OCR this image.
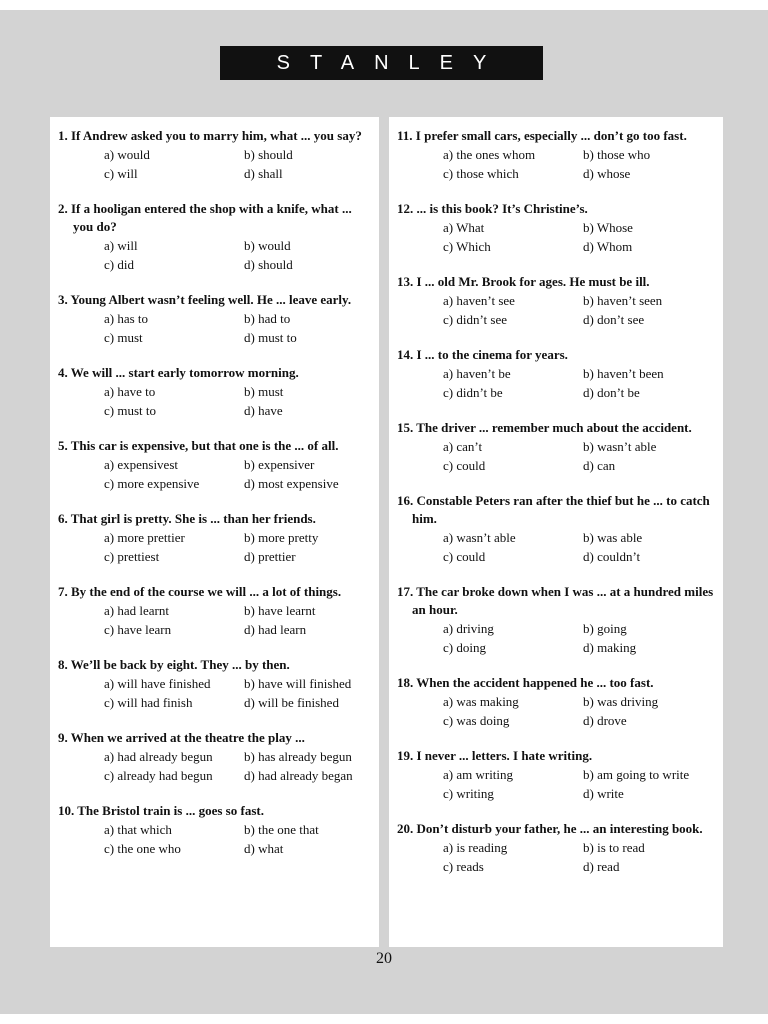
STANLEY
1. If Andrew asked you to marry him, what ... you say?
a) would	b) should
c) will	d) shall
2. If a hooligan entered the shop with a knife, what ... you do?
a) will	b) would
c) did	d) should
3. Young Albert wasn’t feeling well. He ... leave early.
a) has to	b) had to
c) must	d) must to
4. We will ... start early tomorrow morning.
a) have to	b) must
c) must to	d) have
5. This car is expensive, but that one is the ... of all.
a) expensivest	b) expensiver
c) more expensive	d) most expensive
6. That girl is pretty. She is ... than her friends.
a) more prettier	b) more pretty
c) prettiest	d) prettier
7. By the end of the course we will ... a lot of things.
a) had learnt	b) have learnt
c) have learn	d) had learn
8. We’ll be back by eight. They ... by then.
a) will have finished	b) have will finished
c) will had finish	d) will be finished
9. When we arrived at the theatre the play ...
a) had already begun	b) has already begun
c) already had begun	d) had already began
10. The Bristol train is ... goes so fast.
a) that which	b) the one that
c) the one who	d) what
11. I prefer small cars, especially ... don’t go too fast.
a) the ones whom	b) those who
c) those which	d) whose
12. ... is this book? It’s Christine’s.
a) What	b) Whose
c) Which	d) Whom
13. I ... old Mr. Brook for ages. He must be ill.
a) haven’t see	b) haven’t seen
c) didn’t see	d) don’t see
14. I ... to the cinema for years.
a) haven’t be	b) haven’t been
c) didn’t be	d) don’t be
15. The driver ... remember much about the accident.
a) can’t	b) wasn’t able
c) could	d) can
16. Constable Peters ran after the thief but he ... to catch him.
a) wasn’t able	b) was able
c) could	d) couldn’t
17. The car broke down when I was ... at a hundred miles an hour.
a) driving	b) going
c) doing	d) making
18. When the accident happened he ... too fast.
a) was making	b) was driving
c) was doing	d) drove
19. I never ... letters. I hate writing.
a) am writing	b) am going to write
c) writing	d) write
20. Don’t disturb your father, he ... an interesting book.
a) is reading	b) is to read
c) reads	d) read
20
